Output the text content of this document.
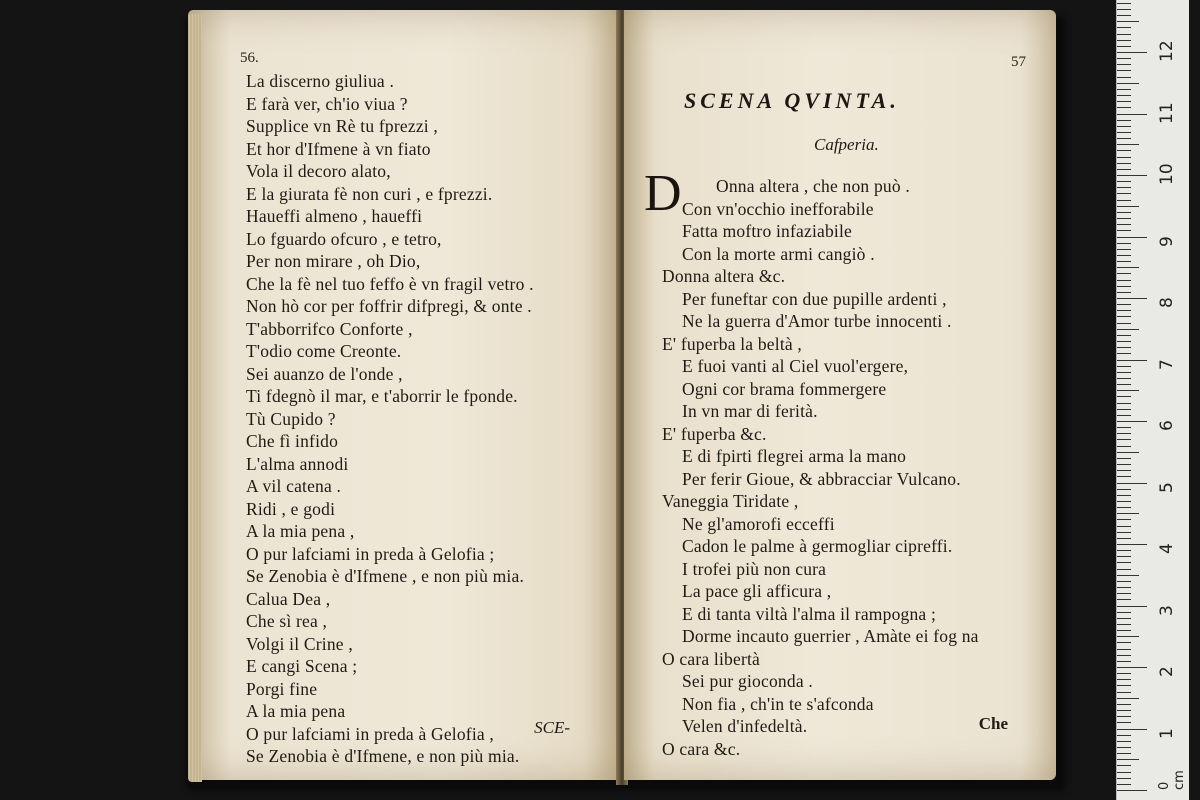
56.
La discerno giuliua .
E farà ver, ch'io viua ?
Supplice vn Rè tu fprezzi ,
Et hor d'Ifmene à vn fiato
Vola il decoro alato,
E la giurata fè non curi , e fprezzi.
Haueffi almeno , haueffi
Lo fguardo ofcuro , e tetro,
Per non mirare , oh Dio,
Che la fè nel tuo feffo è vn fragil vetro .
Non hò cor per foffrir difpregi, & onte .
T'abborrifco Conforte ,
T'odio come Creonte.
Sei auanzo de l'onde ,
Ti fdegnò il mar, e t'aborrir le fponde.
Tù Cupido ?
Che fì infido
L'alma annodi
A vil catena .
Ridi , e godi
A la mia pena ,
O pur lafciami in preda à Gelofia ;
Se Zenobia è d'Ifmene , e non più mia.
Calua Dea ,
Che sì rea ,
Volgi il Crine ,
E cangi Scena ;
Porgi fine
A la mia pena
O pur lafciami in preda à Gelofia ,
Se Zenobia è d'Ifmene, e non più mia.
SCE-
57
SCENA QVINTA.
Cafperia.
D	Onna altera , che non può .
Con vn'occhio inefforabile
Fatta moftro infaziabile
Con la morte armi cangiò .
Donna altera &c.
Per funeftar con due pupille ardenti ,
Ne la guerra d'Amor turbe innocenti .
E' fuperba la beltà ,
E fuoi vanti al Ciel vuol'ergere,
Ogni cor brama fommergere
In vn mar di ferità.
E' fuperba &c.
E di fpirti flegrei arma la mano
Per ferir Gioue, & abbracciar Vulcano.
Vaneggia Tiridate ,
Ne gl'amorofi ecceffi
Cadon le palme à germogliar cipreffi.
I trofei più non cura
La pace gli afficura ,
E di tanta viltà l'alma il rampogna ;
Dorme incauto guerrier , Amàte ei fog na
O cara libertà
Sei pur gioconda .
Non fia , ch'in te s'afconda
Velen d'infedeltà.
O cara &c.
Che
0 cm
1
2
3
4
5
6
7
8
9
10
11
12
